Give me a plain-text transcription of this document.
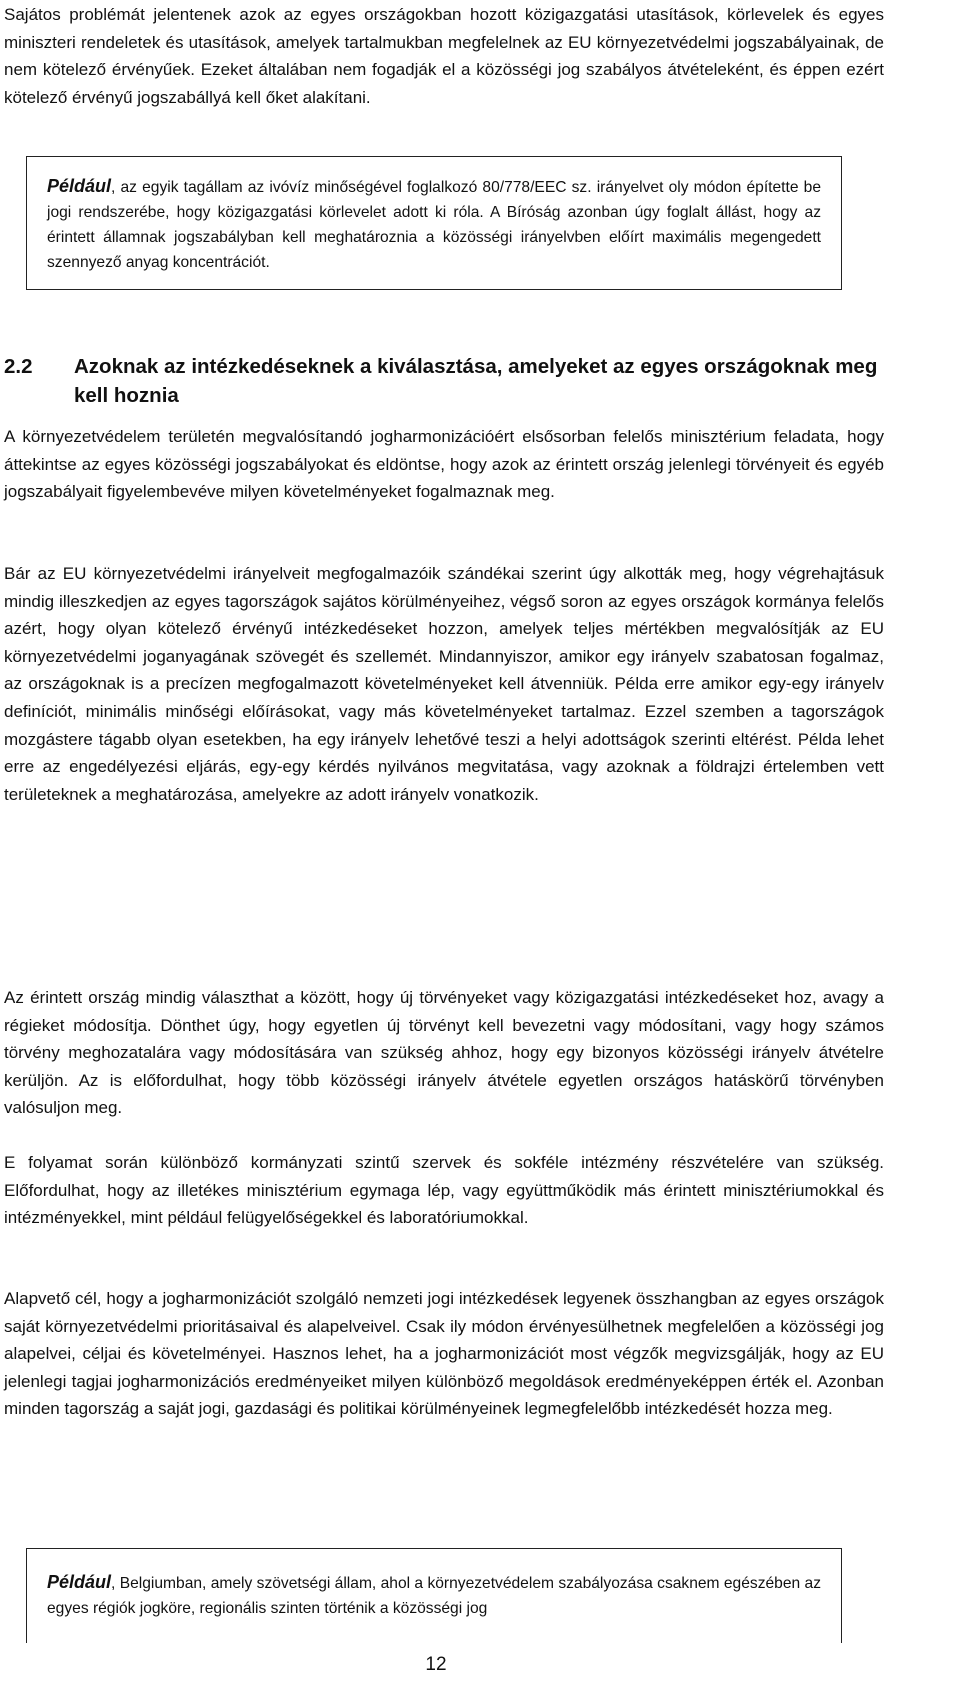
Sajátos problémát jelentenek azok az egyes országokban hozott közigazgatási utasítások, körlevelek és egyes miniszteri rendeletek és utasítások, amelyek tartalmukban megfelelnek az EU környezetvédelmi jogszabályainak, de nem kötelező érvényűek. Ezeket általában nem fogadják el a közösségi jog szabályos átvételeként, és éppen ezért kötelező érvényű jogszabállyá kell őket alakítani.

Például, az egyik tagállam az ivóvíz minőségével foglalkozó 80/778/EEC sz. irányelvet oly módon építette be jogi rendszerébe, hogy közigazgatási körlevelet adott ki róla. A Bíróság azonban úgy foglalt állást, hogy az érintett államnak jogszabályban kell meghatároznia a közösségi irányelvben előírt maximális megengedett szennyező anyag koncentrációt.

2.2	Azoknak az intézkedéseknek a kiválasztása, amelyeket az egyes országoknak meg kell hoznia

A környezetvédelem területén megvalósítandó jogharmonizációért elsősorban felelős minisztérium feladata, hogy áttekintse az egyes közösségi jogszabályokat és eldöntse, hogy azok az érintett ország jelenlegi törvényeit és egyéb jogszabályait figyelembevéve milyen követelményeket fogalmaznak meg.

Bár az EU környezetvédelmi irányelveit megfogalmazóik szándékai szerint úgy alkották meg, hogy végrehajtásuk mindig illeszkedjen az egyes tagországok sajátos körülményeihez, végső soron az egyes országok kormánya felelős azért, hogy olyan kötelező érvényű intézkedéseket hozzon, amelyek teljes mértékben megvalósítják az EU környezetvédelmi joganyagának szövegét és szellemét. Mindannyiszor, amikor egy irányelv szabatosan fogalmaz, az országoknak is a precízen megfogalmazott követelményeket kell átvenniük. Példa erre amikor egy-egy irányelv definíciót, minimális minőségi előírásokat, vagy más követelményeket tartalmaz. Ezzel szemben a tagországok mozgástere tágabb olyan esetekben, ha egy irányelv lehetővé teszi a helyi adottságok szerinti eltérést. Példa lehet erre az engedélyezési eljárás, egy-egy kérdés nyilvános megvitatása, vagy azoknak a földrajzi értelemben vett területeknek a meghatározása, amelyekre az adott irányelv vonatkozik.

Az érintett ország mindig választhat a között, hogy új törvényeket vagy közigazgatási intézkedéseket hoz, avagy a régieket módosítja. Dönthet úgy, hogy egyetlen új törvényt kell bevezetni vagy módosítani, vagy hogy számos törvény meghozatalára vagy módosítására van szükség ahhoz, hogy egy bizonyos közösségi irányelv átvételre kerüljön. Az is előfordulhat, hogy több közösségi irányelv átvétele egyetlen országos hatáskörű törvényben valósuljon meg.

E folyamat során különböző kormányzati szintű szervek és sokféle intézmény részvételére van szükség. Előfordulhat, hogy az illetékes minisztérium egymaga lép, vagy együttműködik más érintett minisztériumokkal és intézményekkel, mint például felügyelőségekkel és laboratóriumokkal.

Alapvető cél, hogy a jogharmonizációt szolgáló nemzeti jogi intézkedések legyenek összhangban az egyes országok saját környezetvédelmi prioritásaival és alapelveivel. Csak ily módon érvényesülhetnek megfelelően a közösségi jog alapelvei, céljai és követelményei. Hasznos lehet, ha a jogharmonizációt most végzők megvizsgálják, hogy az EU jelenlegi tagjai jogharmonizációs eredményeiket milyen különböző megoldások eredményeképpen érték el. Azonban minden tagország a saját jogi, gazdasági és politikai körülményeinek legmegfelelőbb intézkedését hozza meg.

Például, Belgiumban, amely szövetségi állam, ahol a környezetvédelem szabályozása csaknem egészében az egyes régiók jogköre, regionális szinten történik a közösségi jog

12
